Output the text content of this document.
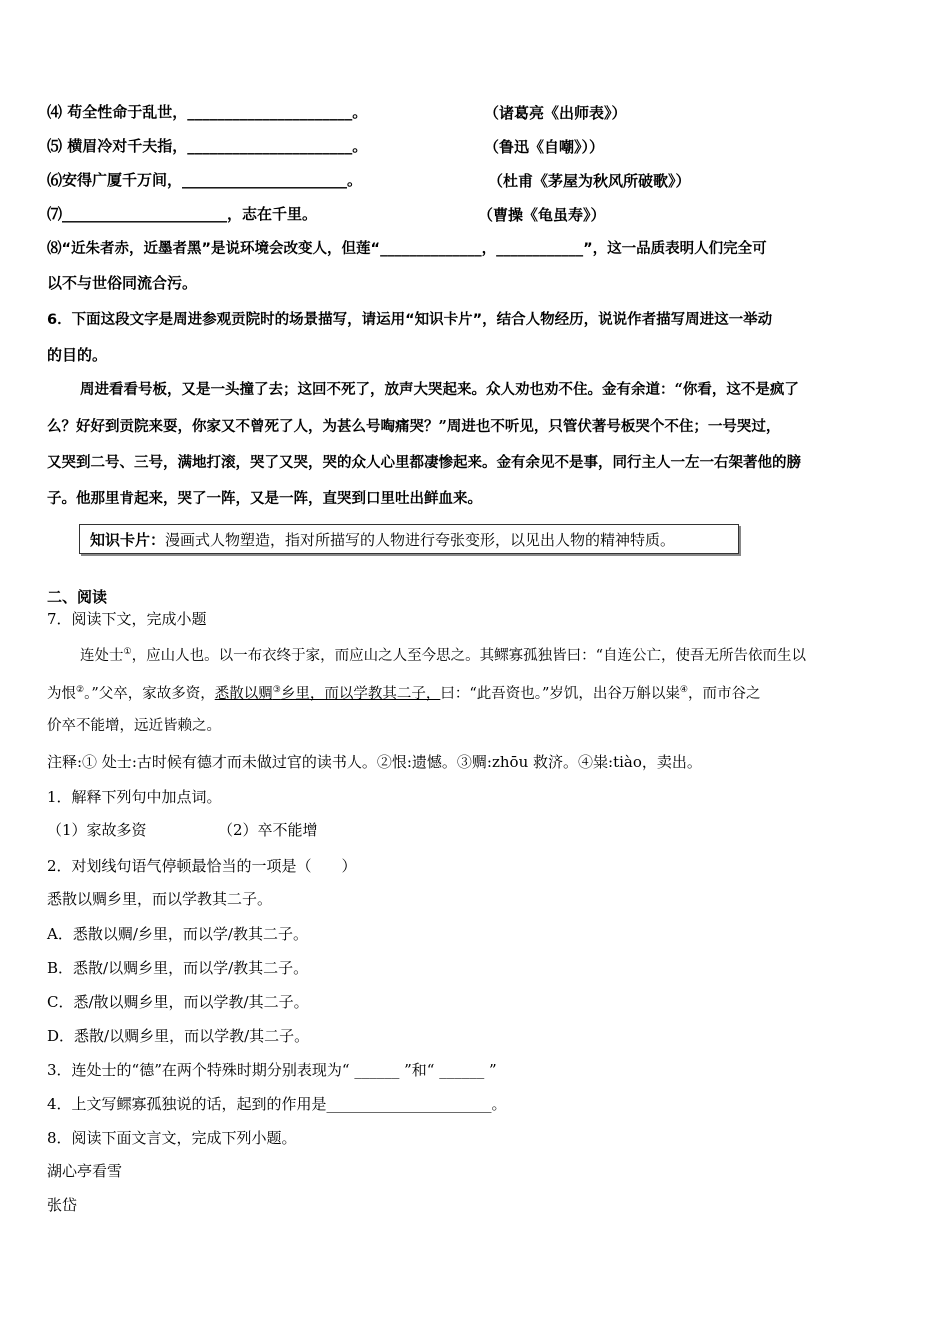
⑷ 苟全性命于乱世，______________________。	（诸葛亮《出师表》）
⑸ 横眉冷对千夫指，______________________。	（鲁迅《自嘲》））
⑹安得广厦千万间，______________________。	（杜甫《茅屋为秋风所破歌》）
⑺______________________，志在千里。	（曹操《龟虽寿》）
⑻“近朱者赤，近墨者黑”是说环境会改变人，但莲“______________，____________”，这一品质表明人们完全可
以不与世俗同流合污。
6．下面这段文字是周进参观贡院时的场景描写，请运用“知识卡片”，结合人物经历，说说作者描写周进这一举动
的目的。
周进看看号板，又是一头撞了去；这回不死了，放声大哭起来。众人劝也劝不住。金有余道：“你看，这不是疯了
么？好好到贡院来耍，你家又不曾死了人，为甚么号啕痛哭？”周进也不听见，只管伏著号板哭个不住；一号哭过，
又哭到二号、三号，满地打滚，哭了又哭，哭的众人心里都凄惨起来。金有余见不是事，同行主人一左一右架著他的膀
子。他那里肯起来，哭了一阵，又是一阵，直哭到口里吐出鲜血来。
知识卡片：漫画式人物塑造，指对所描写的人物进行夸张变形，以见出人物的精神特质。
二、阅读
7．阅读下文，完成小题
连处士①，应山人也。以一布衣终于家，而应山之人至今思之。其鳏寡孤独皆曰：“自连公亡，使吾无所告依而生以
为恨②。”父卒，家故多资，悉散以赒③乡里，而以学教其二子，曰：“此吾资也。”岁饥，出谷万斛以粜④，而市谷之
价卒不能增，远近皆赖之。
注释:① 处士:古时候有德才而未做过官的读书人。②恨:遗憾。③赒:zhōu 救济。④粜:tiào，卖出。
1．解释下列句中加点词。
（1）家故多资	（2）卒不能增
2．对划线句语气停顿最恰当的一项是（　　）
悉散以赒乡里，而以学教其二子。
A．悉散以赒/乡里，而以学/教其二子。
B．悉散/以赒乡里，而以学/教其二子。
C．悉/散以赒乡里，而以学教/其二子。
D．悉散/以赒乡里，而以学教/其二子。
3．连处士的“德”在两个特殊时期分别表现为“ ______ ”和“ ______ ”
4．上文写鳏寡孤独说的话，起到的作用是______________________。
8．阅读下面文言文，完成下列小题。
湖心亭看雪
张岱
